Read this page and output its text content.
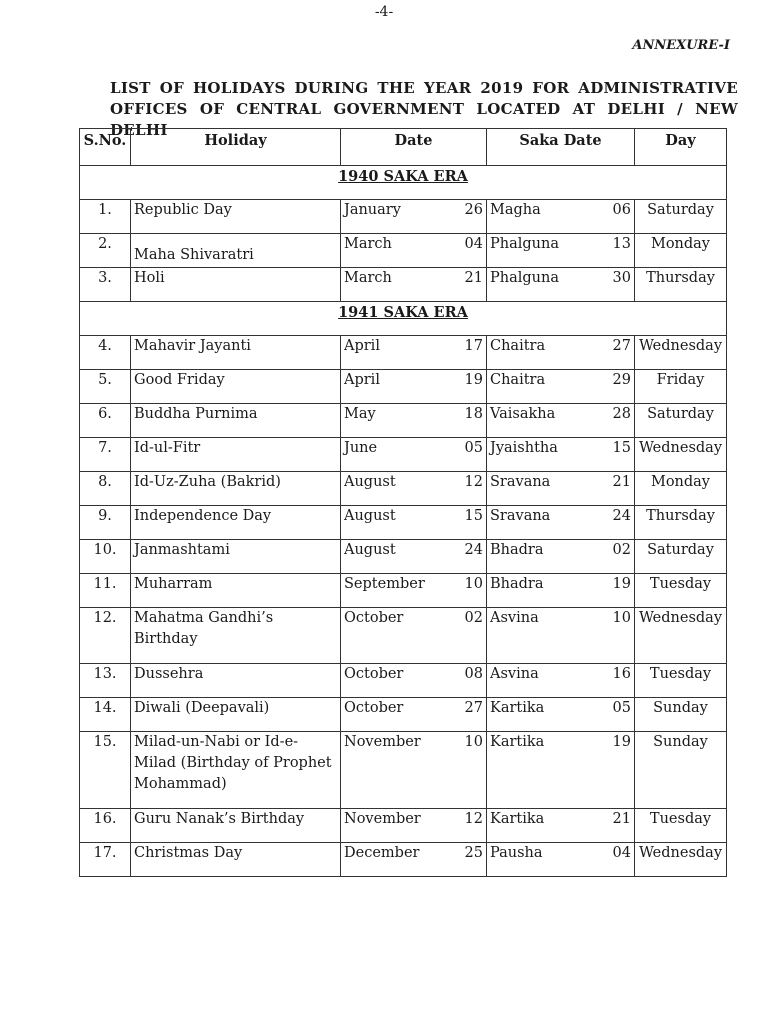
-4-
ANNEXURE-I
LIST OF HOLIDAYS DURING THE YEAR 2019 FOR ADMINISTRATIVE
OFFICES OF CENTRAL GOVERNMENT LOCATED AT DELHI / NEW DELHI
S.No.	Holiday	Date	Saka Date	Day
1940 SAKA ERA				
1.	Republic Day	January 26	Magha 06	Saturday
2.	Maha Shivaratri	March 04	Phalguna 13	Monday
3.	Holi	March 21	Phalguna 30	Thursday
1941 SAKA ERA				
4.	Mahavir Jayanti	April 17	Chaitra 27	Wednesday
5.	Good Friday	April 19	Chaitra 29	Friday
6.	Buddha Purnima	May 18	Vaisakha 28	Saturday
7.	Id-ul-Fitr	June 05	Jyaishtha 15	Wednesday
8.	Id-Uz-Zuha (Bakrid)	August 12	Sravana 21	Monday
9.	Independence Day	August 15	Sravana 24	Thursday
10.	Janmashtami	August 24	Bhadra 02	Saturday
11.	Muharram	September 10	Bhadra 19	Tuesday
12.	Mahatma Gandhi’s Birthday	October 02	Asvina 10	Wednesday
13.	Dussehra	October 08	Asvina 16	Tuesday
14.	Diwali (Deepavali)	October 27	Kartika 05	Sunday
15.	Milad-un-Nabi or Id-e-Milad (Birthday of Prophet Mohammad)	November 10	Kartika 19	Sunday
16.	Guru Nanak’s Birthday	November 12	Kartika 21	Tuesday
17.	Christmas Day	December 25	Pausha 04	Wednesday
